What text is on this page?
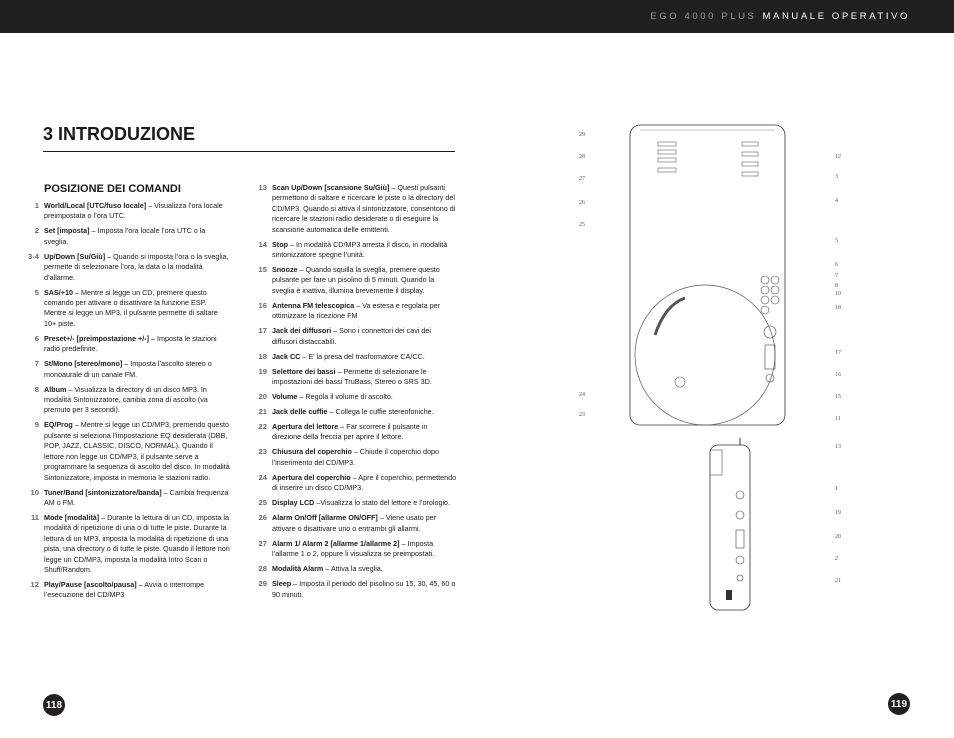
EGO 4000 PLUS MANUALE OPERATIVO
3 INTRODUZIONE
POSIZIONE DEI COMANDI
1 World/Local [UTC/fuso locale] – Visualizza l’ora locale preimpostata o l’ora UTC.
2 Set [imposta] – Imposta l’ora locale l’ora UTC o la sveglia.
3-4 Up/Down [Su/Giù] – Quando si imposta l’ora o la sveglia, permette di selezionare l’ora, la data o la modalità d’allarme.
5 SAS/+10 – Mentre si legge un CD, premere questo comando per attivare o disattivare la funzione ESP. Mentre si legge un MP3, il pulsante permette di saltare 10+ piste.
6 Preset+/- [preimpostazione +/-] – Imposta le stazioni radio predefinite.
7 St/Mono [stereo/mono] – Imposta l’ascolto stereo o monoaurale di un canale FM.
8 Album – Visualizza la directory di un disco MP3. In modalità Sintonizzatore, cambia zona di ascolto (va premuto per 3 secondi).
9 EQ/Prog – Mentre si legge un CD/MP3, premendo questo pulsante si seleziona l’impostazione EQ desiderata (DBB, POP, JAZZ, CLASSIC, DISCO, NORMAL). Quando il lettore non legge un CD/MP3, il pulsante serve a programmare la sequenza di ascolto del disco. In modalità Sintonizzatore, imposta in memoria le stazioni radio.
10 Tuner/Band [sintonizzatore/banda] – Cambia frequenza AM o FM.
11 Mode [modalità] – Durante la lettura di un CD, imposta la modalità di ripetizione di una o di tutte le piste. Durante la lettura di un MP3, imposta la modalità di ripetizione di una pista, una directory o di tutte le piste. Quando il lettore non legge un CD/MP3, imposta la modalità Intro Scan o Shuff/Random.
12 Play/Pause [ascolto/pausa] – Avvia o interrompe l’esecuzione del CD/MP3
13 Scan Up/Down [scansione Su/Giù] – Questi pulsanti permettono di saltare e ricercare le piste o la directory del CD/MP3. Quando si attiva il sintonizzatore, consentono di ricercare le stazioni radio desiderate o di eseguire la scansione automatica delle emittenti.
14 Stop – In modalità CD/MP3 arresta il disco, in modalità sintonizzatore spegne l’unità.
15 Snooze – Quando squilla la sveglia, premere questo pulsante per fare un pisolino di 5 minuti. Quando la sveglia è inattiva, illumina brevemente il display.
16 Antenna FM telescopica – Va estesa e regolata per ottimizzare la ricezione FM
17 Jack dei diffusori – Sono i connettori dei cavi dei diffusori distaccabili.
18 Jack CC – E’ la presa del trasformatore CA/CC.
19 Selettore dei bassi – Permette di selezionare le impostazioni dei bassi TruBass, Stereo o SRS 3D.
20 Volume – Regola il volume di ascolto.
21 Jack delle cuffie – Collega le cuffie stereofoniche.
22 Apertura del lettore – Far scorrere il pulsante in direzione della freccia per aprire il lettore.
23 Chiusura del coperchio – Chiude il coperchio dopo l’inserimento del CD/MP3.
24 Apertura del coperchio – Apre il coperchio, permettendo di inserire un disco CD/MP3.
25 Display LCD –Visualizza lo stato del lettore e l’orologio.
26 Alarm On/Off [allarme ON/OFF] – Viene usato per attivare o disattivare uno o entrambi gli allarmi.
27 Alarm 1/ Alarm 2 [allarme 1/allarme 2] – Imposta l’allarme 1 o 2, oppure li visualizza se preimpostati.
28 Modalità Alarm – Attiva la sveglia.
29 Sleep – Imposta il periodo del pisolino su 15, 30, 45, 60 o 90 minuti.
29
28
27
26
25
24
23
12
3
4
5
6
7
8
10
18
17
16
15
11
13
1
19
20
2
21
118	119
